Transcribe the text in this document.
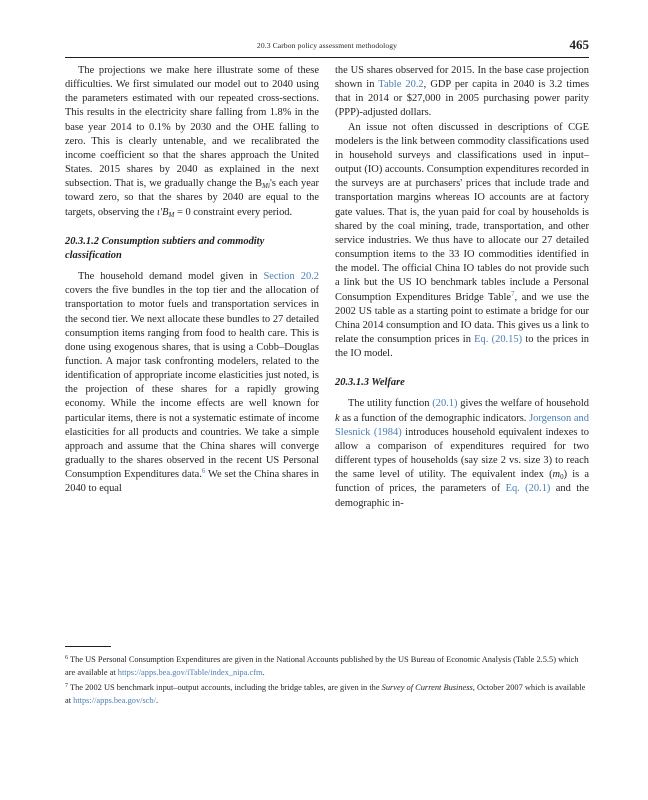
20.3 Carbon policy assessment methodology	465

The projections we make here illustrate some of these difficulties. We first simulated our model out to 2040 using the parameters estimated with our repeated cross-sections. This results in the electricity share falling from 1.8% in the base year 2014 to 0.1% by 2030 and the OHE falling to zero. This is clearly untenable, and we recalibrated the income coefficient so that the shares approach the United States. 2015 shares by 2040 as explained in the next subsection. That is, we gradually change the $B_{Mi}'s$ each year toward zero, so that the shares by 2040 are equal to the targets, observing the $\iota'B_M = 0$ constraint every period.

20.3.1.2 Consumption subtiers and commodity classification

The household demand model given in Section 20.2 covers the five bundles in the top tier and the allocation of transportation to motor fuels and transportation services in the second tier. We next allocate these bundles to 27 detailed consumption items ranging from food to health care. This is done using exogenous shares, that is using a Cobb–Douglas function. A major task confronting modelers, related to the identification of appropriate income elasticities just noted, is the projection of these shares for a rapidly growing economy. While the income effects are well known for particular items, there is not a systematic estimate of income elasticities for all products and countries. We take a simple approach and assume that the China shares will converge gradually to the shares observed in the recent US Personal Consumption Expenditures data.$^6$ We set the China shares in 2040 to equal

the US shares observed for 2015. In the base case projection shown in Table 20.2, GDP per capita in 2040 is 3.2 times that in 2014 or $27,000 in 2005 purchasing power parity (PPP)-adjusted dollars.

An issue not often discussed in descriptions of CGE modelers is the link between commodity classifications used in household surveys and classifications used in input–output (IO) accounts. Consumption expenditures recorded in the surveys are at purchasers' prices that include trade and transportation margins whereas IO accounts are at factory gate values. That is, the yuan paid for coal by households is shared by the coal mining, trade, transportation, and other service industries. We thus have to allocate our 27 detailed consumption items to the 33 IO commodities identified in the model. The official China IO tables do not provide such a link but the US IO benchmark tables include a Personal Consumption Expenditures Bridge Table$^7$, and we use the 2002 US table as a starting point to estimate a bridge for our China 2014 consumption and IO data. This gives us a link to relate the consumption prices in Eq. (20.15) to the prices in the IO model.

20.3.1.3 Welfare

The utility function (20.1) gives the welfare of household k as a function of the demographic indicators. Jorgenson and Slesnick (1984) introduces household equivalent indexes to allow a comparison of expenditures required for two different types of households (say size 2 vs. size 3) to reach the same level of utility. The equivalent index $(m_0)$ is a function of prices, the parameters of Eq. (20.1) and the demographic in-

$^6$ The US Personal Consumption Expenditures are given in the National Accounts published by the US Bureau of Economic Analysis (Table 2.5.5) which are available at https://apps.bea.gov/iTable/index_nipa.cfm.

$^7$ The 2002 US benchmark input–output accounts, including the bridge tables, are given in the Survey of Current Business, October 2007 which is available at https://apps.bea.gov/scb/.
